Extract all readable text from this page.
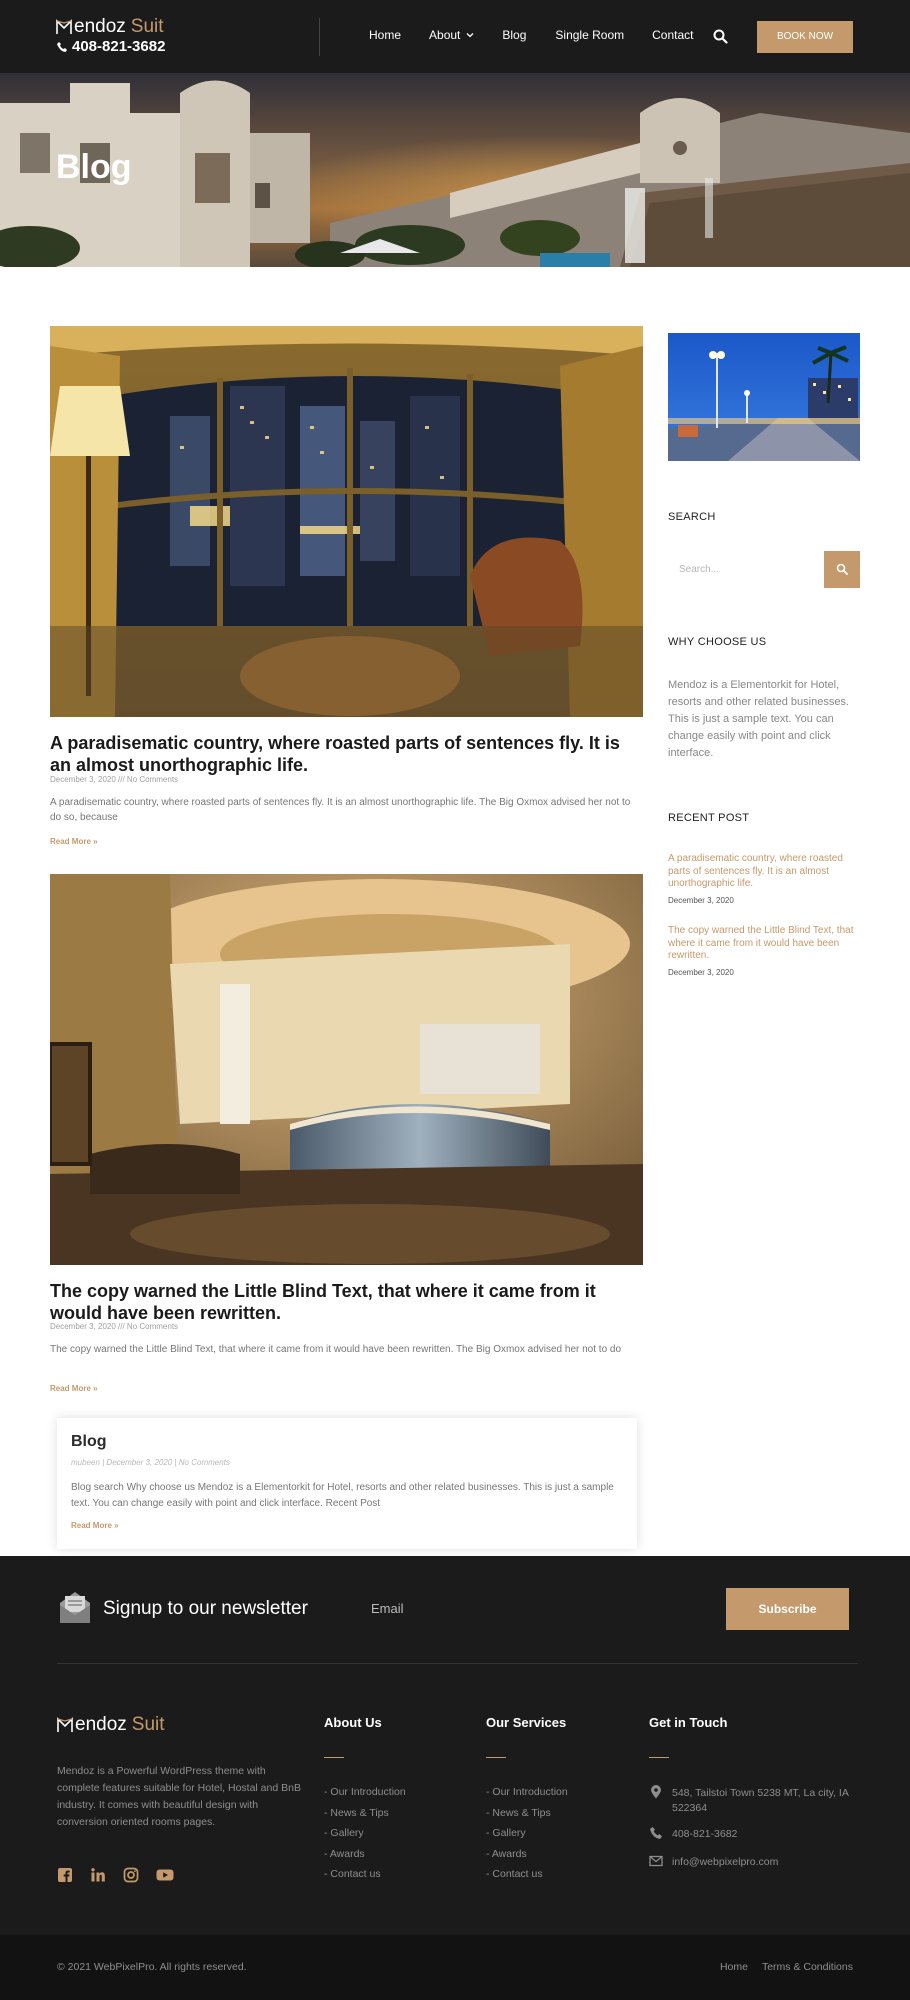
endoz Suit
408-821-3682
Home About	Blog Single Room Contact	BOOK NOW
Blog
A paradisematic country, where roasted parts of sentences fly. It is an almost unorthographic life.
December 3, 2020 /// No Comments
A paradisematic country, where roasted parts of sentences fly. It is an almost unorthographic life. The Big Oxmox advised her not to do so, because
Read More »
The copy warned the Little Blind Text, that where it came from it would have been rewritten.
December 3, 2020 /// No Comments
The copy warned the Little Blind Text, that where it came from it would have been rewritten. The Big Oxmox advised her not to do
Read More »
Blog
mubeen | December 3, 2020 | No Comments
Blog search Why choose us Mendoz is a Elementorkit for Hotel, resorts and other related businesses. This is just a sample text. You can change easily with point and click interface. Recent Post
Read More »
SEARCH
Search...
WHY CHOOSE US
Mendoz is a Elementorkit for Hotel, resorts and other related businesses. This is just a sample text. You can change easily with point and click interface.
RECENT POST
A paradisematic country, where roasted parts of sentences fly. It is an almost unorthographic life.
December 3, 2020
The copy warned the Little Blind Text, that where it came from it would have been rewritten.
December 3, 2020
Signup to our newsletter
Email	Subscribe
endoz Suit
Mendoz is a Powerful WordPress theme with complete features suitable for Hotel, Hostal and BnB industry. It comes with beautiful design with conversion oriented rooms pages.
About Us
- Our Introduction
- News & Tips
- Gallery
- Awards
- Contact us
Our Services
- Our Introduction
- News & Tips
- Gallery
- Awards
- Contact us
Get in Touch
548, Tailstoi Town 5238 MT, La city, IA 522364
408-821-3682
info@webpixelpro.com
© 2021 WebPixelPro. All rights reserved.	Home Terms & Conditions
